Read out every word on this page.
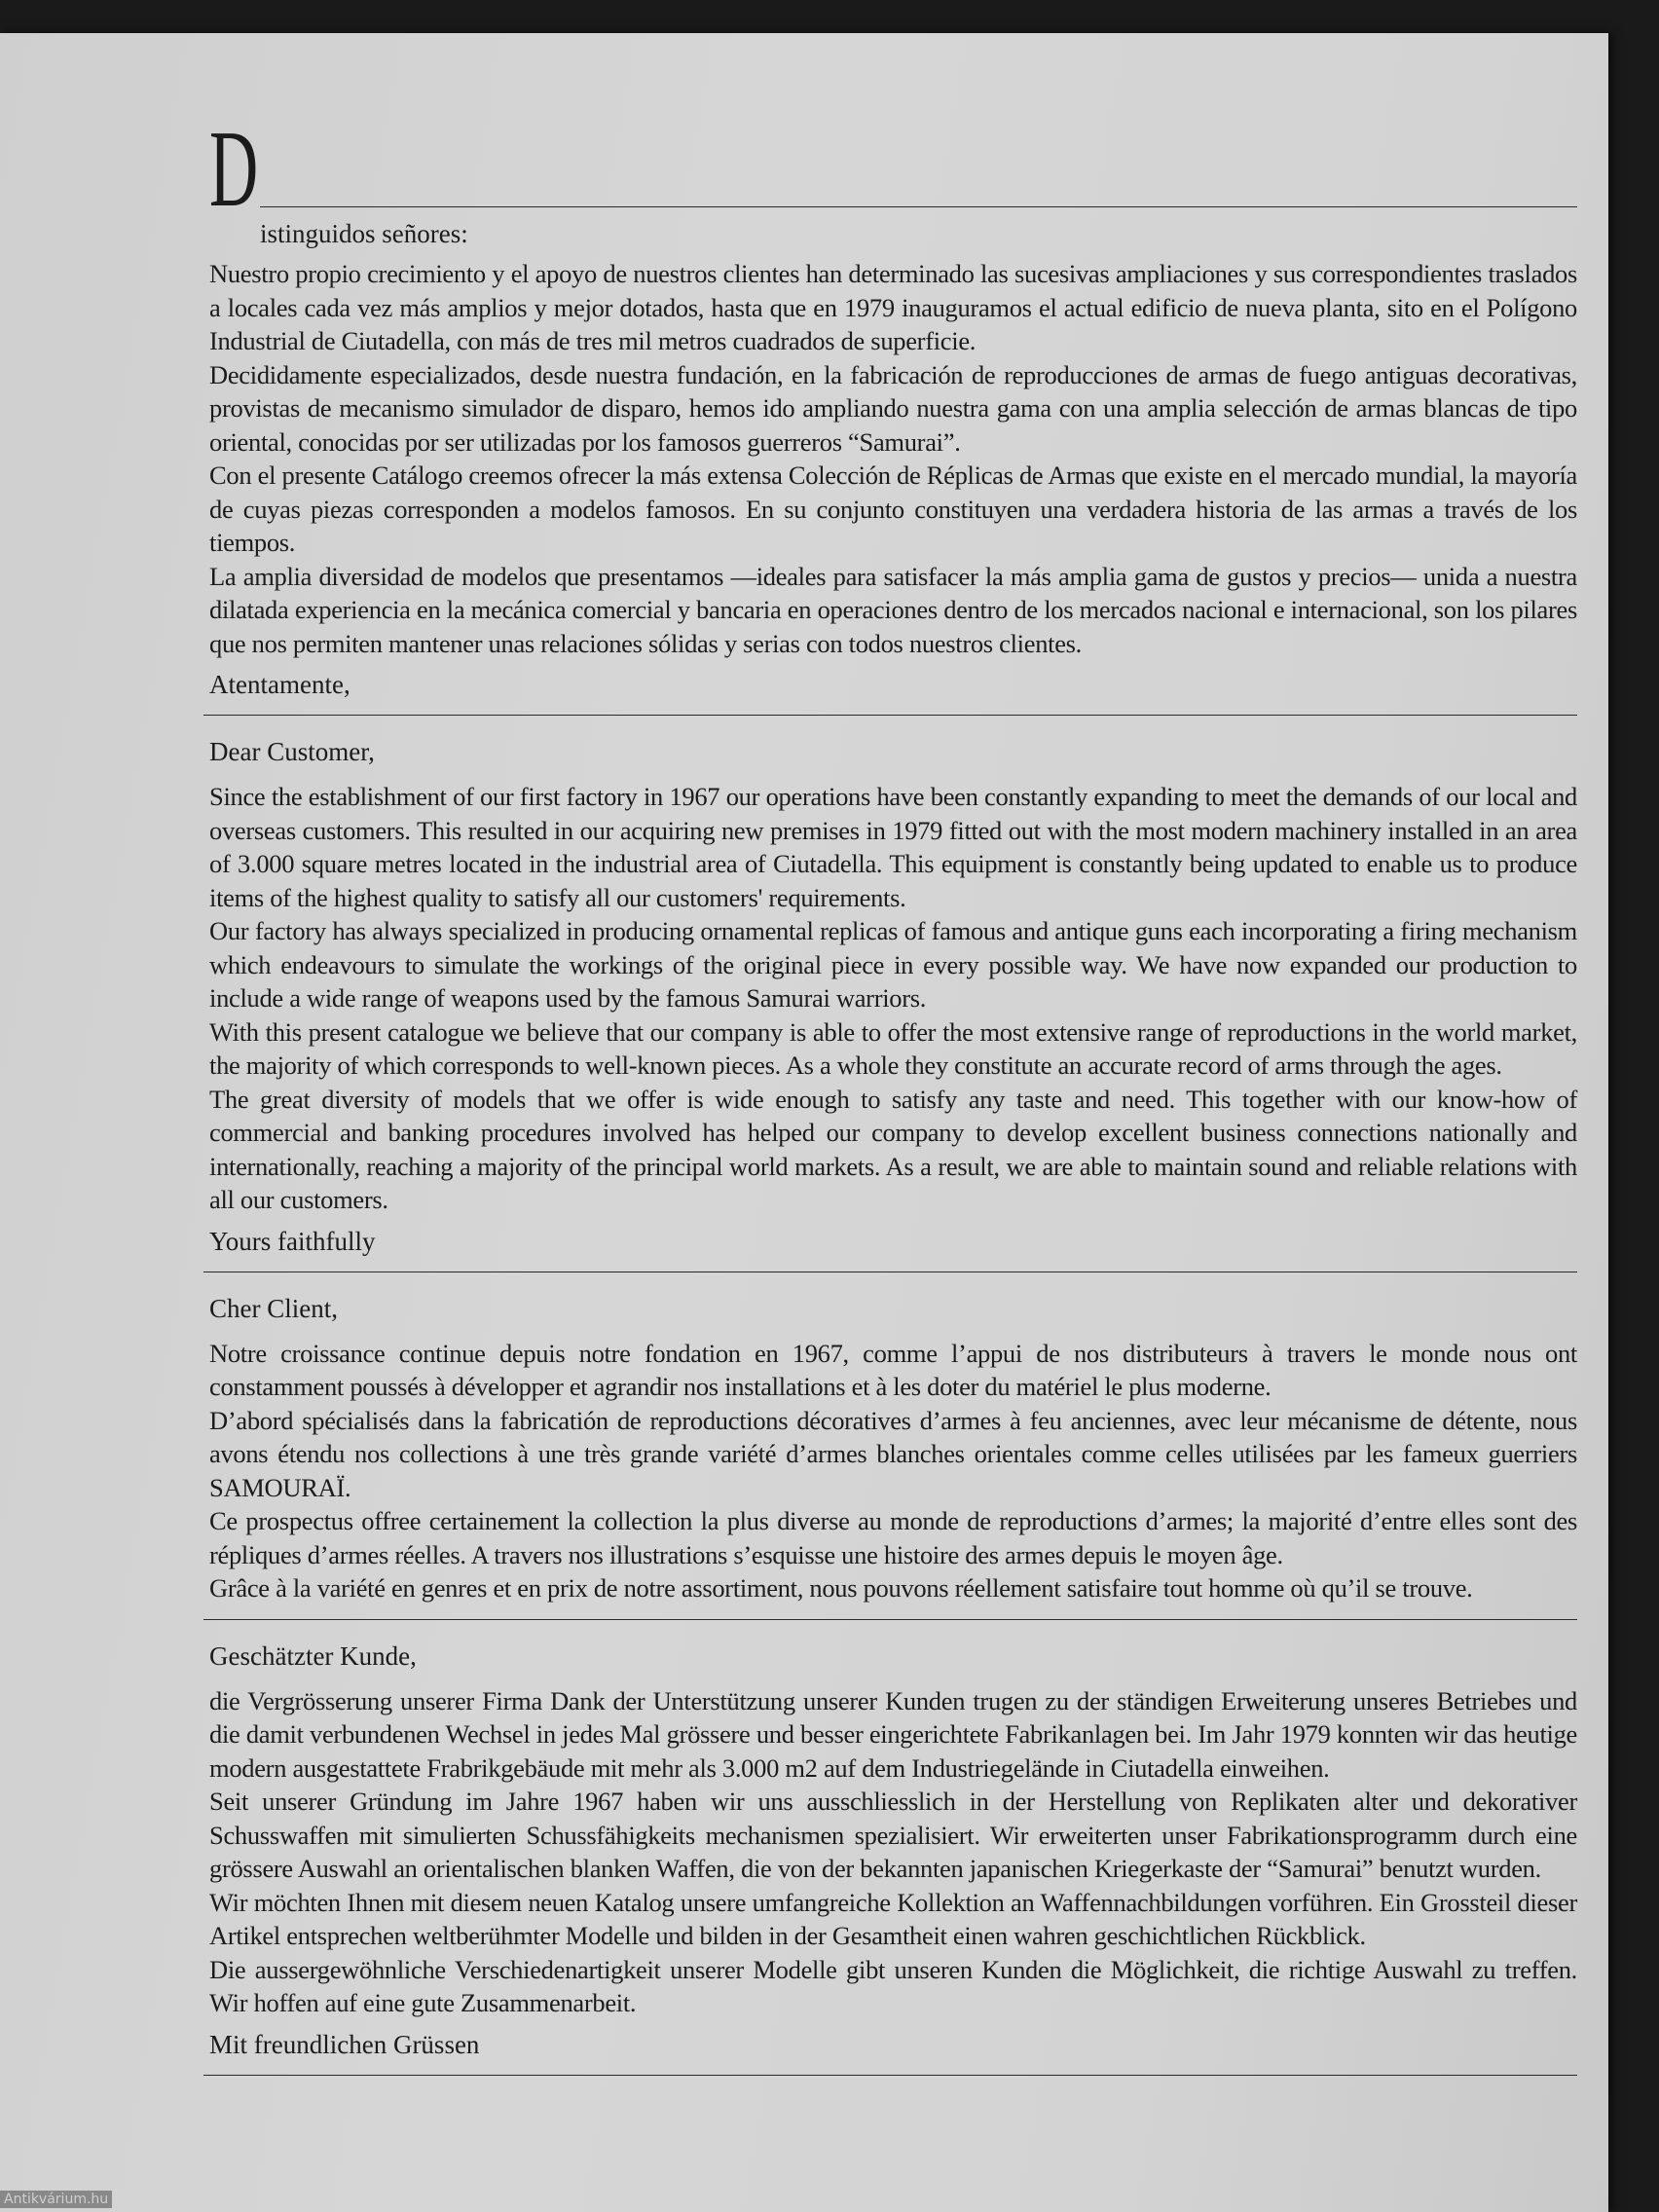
D
istinguidos señores:

Nuestro propio crecimiento y el apoyo de nuestros clientes han determinado las sucesivas ampliaciones y sus correspondientes traslados a locales cada vez más amplios y mejor dotados, hasta que en 1979 inauguramos el actual edificio de nueva planta, sito en el Polígono Industrial de Ciutadella, con más de tres mil metros cuadrados de superficie.

Decididamente especializados, desde nuestra fundación, en la fabricación de reproducciones de armas de fuego antiguas decorativas, provistas de mecanismo simulador de disparo, hemos ido ampliando nuestra gama con una amplia selección de armas blancas de tipo oriental, conocidas por ser utilizadas por los famosos guerreros “Samurai”.

Con el presente Catálogo creemos ofrecer la más extensa Colección de Réplicas de Armas que existe en el mercado mundial, la mayoría de cuyas piezas corresponden a modelos famosos. En su conjunto constituyen una verdadera historia de las armas a través de los tiempos.

La amplia diversidad de modelos que presentamos —ideales para satisfacer la más amplia gama de gustos y precios— unida a nuestra dilatada experiencia en la mecánica comercial y bancaria en operaciones dentro de los mercados nacional e internacional, son los pilares que nos permiten mantener unas relaciones sólidas y serias con todos nuestros clientes.

Atentamente,

Dear Customer,

Since the establishment of our first factory in 1967 our operations have been constantly expanding to meet the demands of our local and overseas customers. This resulted in our acquiring new premises in 1979 fitted out with the most modern machinery installed in an area of 3.000 square metres located in the industrial area of Ciutadella. This equipment is constantly being updated to enable us to produce items of the highest quality to satisfy all our customers' requirements.

Our factory has always specialized in producing ornamental replicas of famous and antique guns each incorporating a firing mechanism which endeavours to simulate the workings of the original piece in every possible way. We have now expanded our production to include a wide range of weapons used by the famous Samurai warriors.

With this present catalogue we believe that our company is able to offer the most extensive range of reproductions in the world market, the majority of which corresponds to well-known pieces. As a whole they constitute an accurate record of arms through the ages.

The great diversity of models that we offer is wide enough to satisfy any taste and need. This together with our know-how of commercial and banking procedures involved has helped our company to develop excellent business connections nationally and internationally, reaching a majority of the principal world markets. As a result, we are able to maintain sound and reliable relations with all our customers.

Yours faithfully

Cher Client,

Notre croissance continue depuis notre fondation en 1967, comme l’appui de nos distributeurs à travers le monde nous ont constamment poussés à développer et agrandir nos installations et à les doter du matériel le plus moderne.

D’abord spécialisés dans la fabricatión de reproductions décoratives d’armes à feu anciennes, avec leur mécanisme de détente, nous avons étendu nos collections à une très grande variété d’armes blanches orientales comme celles utilisées par les fameux guerriers SAMOURAÏ.

Ce prospectus offree certainement la collection la plus diverse au monde de reproductions d’armes; la majorité d’entre elles sont des répliques d’armes réelles. A travers nos illustrations s’esquisse une histoire des armes depuis le moyen âge.

Grâce à la variété en genres et en prix de notre assortiment, nous pouvons réellement satisfaire tout homme où qu’il se trouve.

Geschätzter Kunde,

die Vergrösserung unserer Firma Dank der Unterstützung unserer Kunden trugen zu der ständigen Erweiterung unseres Betriebes und die damit verbundenen Wechsel in jedes Mal grössere und besser eingerichtete Fabrikanlagen bei. Im Jahr 1979 konnten wir das heutige modern ausgestattete Frabrikgebäude mit mehr als 3.000 m2 auf dem Industriegelände in Ciutadella einweihen.

Seit unserer Gründung im Jahre 1967 haben wir uns ausschliesslich in der Herstellung von Replikaten alter und dekorativer Schusswaffen mit simulierten Schussfähigkeits mechanismen spezialisiert. Wir erweiterten unser Fabrikationsprogramm durch eine grössere Auswahl an orientalischen blanken Waffen, die von der bekannten japanischen Kriegerkaste der “Samurai” benutzt wurden.

Wir möchten Ihnen mit diesem neuen Katalog unsere umfangreiche Kollektion an Waffennachbildungen vorführen. Ein Grossteil dieser Artikel entsprechen weltberühmter Modelle und bilden in der Gesamtheit einen wahren geschichtlichen Rückblick.

Die aussergewöhnliche Verschiedenartigkeit unserer Modelle gibt unseren Kunden die Möglichkeit, die richtige Auswahl zu treffen. Wir hoffen auf eine gute Zusammenarbeit.

Mit freundlichen Grüssen

Antikvárium.hu
